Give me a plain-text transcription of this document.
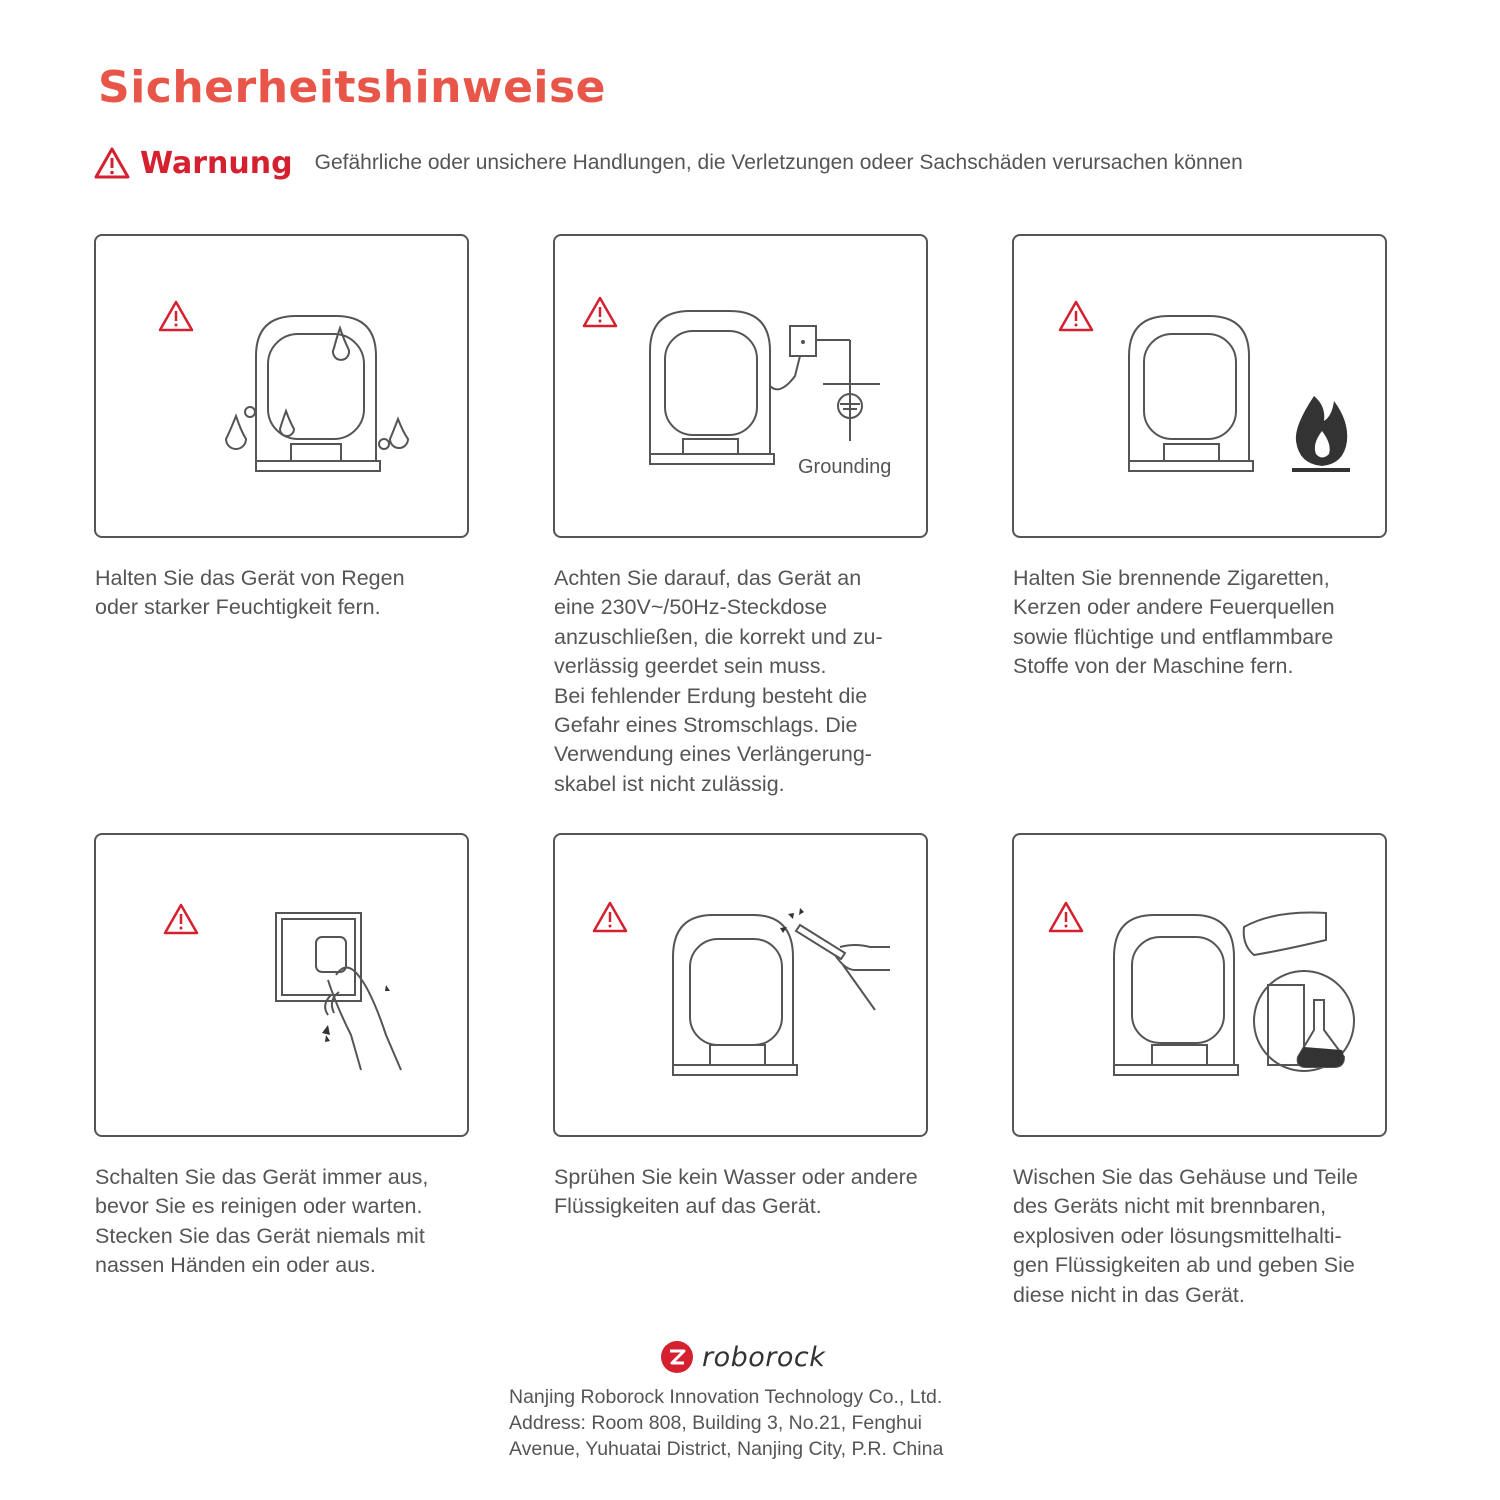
Sicherheitshinweise
Warnung Gefährliche oder unsichere Handlungen, die Verletzungen odeer Sachschäden verursachen können

Halten Sie das Gerät von Regen
oder starker Feuchtigkeit fern.

Grounding

Achten Sie darauf, das Gerät an
eine 230V~/50Hz-Steckdose
anzuschließen, die korrekt und zu-
verlässig geerdet sein muss.
Bei fehlender Erdung besteht die
Gefahr eines Stromschlags. Die
Verwendung eines Verlängerung-
skabel ist nicht zulässig.

Halten Sie brennende Zigaretten,
Kerzen oder andere Feuerquellen
sowie flüchtige und entflammbare
Stoffe von der Maschine fern.

Schalten Sie das Gerät immer aus,
bevor Sie es reinigen oder warten.
Stecken Sie das Gerät niemals mit
nassen Händen ein oder aus.

Sprühen Sie kein Wasser oder andere
Flüssigkeiten auf das Gerät.

Wischen Sie das Gehäuse und Teile
des Geräts nicht mit brennbaren,
explosiven oder lösungsmittelhalti-
gen Flüssigkeiten ab und geben Sie
diese nicht in das Gerät.

roborock
Nanjing Roborock Innovation Technology Co., Ltd.
Address: Room 808, Building 3, No.21, Fenghui
Avenue, Yuhuatai District, Nanjing City, P.R. China
